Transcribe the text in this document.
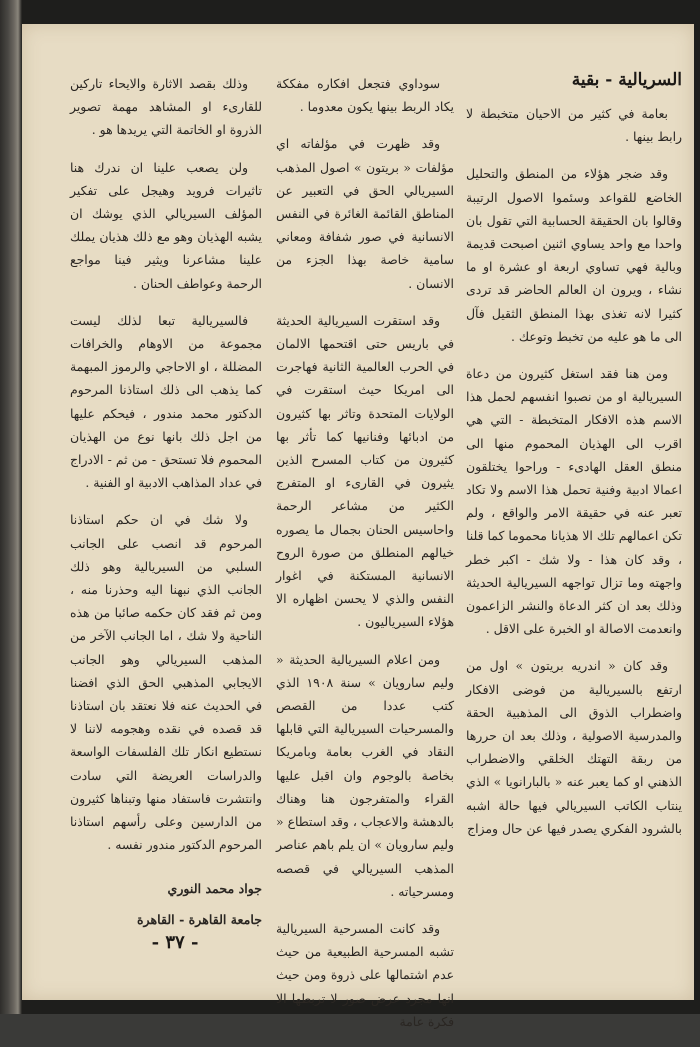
السريالية - بقية

بعامة في كثير من الاحيان متخبطة لا رابط بينها .

وقد ضجر هؤلاء من المنطق والتحليل الخاضع للقواعد وسئموا الاصول الرتيبة وقالوا بان الحقيقة الحسابية التي تقول بان واحدا مع واحد يساوي اثنين اصبحت قديمة وبالية فهي تساوي اربعة او عشرة او ما نشاء ، ويرون ان العالم الحاضر قد تردى كثيرا لانه تغذى بهذا المنطق الثقيل فآل الى ما هو عليه من تخبط وتوعك .

ومن هنا فقد استغل كثيرون من دعاة السيريالية او من نصبوا انفسهم لحمل هذا الاسم هذه الافكار المتخبطة - التي هي اقرب الى الهذيان المحموم منها الى منطق العقل الهادىء - وراحوا يختلقون اعمالا ادبية وفنية تحمل هذا الاسم ولا تكاد تعبر عنه في حقيقة الامر والواقع ، ولم تكن اعمالهم تلك الا هذيانا محموما كما قلنا ، وقد كان هذا - ولا شك - اكبر خطر واجهته وما تزال تواجهه السيريالية الحديثة وذلك بعد ان كثر الدعاة والنشر الزاعمون وانعدمت الاصالة او الخبرة على الاقل .

وقد كان « اندريه بريتون » اول من ارتفع بالسيريالية من فوضى الافكار واضطراب الذوق الى المذهبية الحقة والمدرسية الاصولية ، وذلك بعد ان حررها من ربقة التهتك الخلقي والاضطراب الذهني او كما يعبر عنه « بالبارانويا » الذي ينتاب الكاتب السيريالي فيها حالة اشبه بالشرود الفكري يصدر فيها عن حال ومزاج

سوداوي فتجعل افكاره مفككة يكاد الربط بينها يكون معدوما .

وقد ظهرت في مؤلفاته اي مؤلفات « بريتون » اصول المذهب السيريالي الحق في التعبير عن المناطق القائمة الغائرة في النفس الانسانية في صور شفافة ومعاني سامية خاصة بهذا الجزء من الانسان .

وقد استقرت السيريالية الحديثة في باريس حتى اقتحمها الالمان في الحرب العالمية الثانية فهاجرت الى امريكا حيث استقرت في الولايات المتحدة وتاثر بها كثيرون من ادبائها وفنانيها كما تأثر بها كثيرون من كتاب المسرح الذين يثيرون في القارىء او المتفرج الكثير من مشاعر الرحمة واحاسيس الحنان بجمال ما يصوره خيالهم المنطلق من صورة الروح الانسانية المستكنة في اغوار النفس والذي لا يحسن اظهاره الا هؤلاء السيرياليون .

ومن اعلام السيريالية الحديثة « وليم سارويان » سنة ١٩٠٨ الذي كتب عددا من القصص والمسرحيات السيريالية التي قابلها النقاد في الغرب بعامة وبامريكا بخاصة بالوجوم وان اقبل عليها القراء والمتفرجون هنا وهناك بالدهشة والاعجاب ، وقد استطاع « وليم سارويان » ان يلم باهم عناصر المذهب السيريالي في قصصه ومسرحياته .

وقد كانت المسرحية السيريالية تشبه المسرحية الطبيعية من حيث عدم اشتمالها على ذروة ومن حيث انها مجرد عرض صور لا تربطها الا فكرة عامة

وذلك بقصد الاثارة والايحاء تاركين للقارىء او المشاهد مهمة تصوير الذروة او الخاتمة التي يريدها هو .

ولن يصعب علينا ان ندرك هنا تاثيرات فرويد وهيجل على تفكير المؤلف السيريالي الذي يوشك ان يشبه الهذيان وهو مع ذلك هذيان يملك علينا مشاعرنا ويثير فينا مواجع الرحمة وعواطف الحنان .

فالسيريالية تبعا لذلك ليست مجموعة من الاوهام والخرافات المضللة ، او الاحاجي والرموز المبهمة كما يذهب الى ذلك استاذنا المرحوم الدكتور محمد مندور ، فيحكم عليها من اجل ذلك بانها نوع من الهذيان المحموم فلا تستحق - من ثم - الادراج في عداد المذاهب الادبية او الفنية .

ولا شك في ان حكم استاذنا المرحوم قد انصب على الجانب السلبي من السيريالية وهو ذلك الجانب الذي نبهنا اليه وحذرنا منه ، ومن ثم فقد كان حكمه صائبا من هذه الناحية ولا شك ، اما الجانب الآخر من المذهب السيريالي وهو الجانب الايجابي المذهبي الحق الذي افضنا في الحديث عنه فلا نعتقد بان استاذنا قد قصده في نقده وهجومه لاننا لا نستطيع انكار تلك الفلسفات الواسعة والدراسات العريضة التي سادت وانتشرت فاستفاد منها وتبناها كثيرون من الدارسين وعلى رأسهم استاذنا المرحوم الدكتور مندور نفسه .

جواد محمد النوري
جامعة القاهرة - القاهرة
- ٣٧ -
